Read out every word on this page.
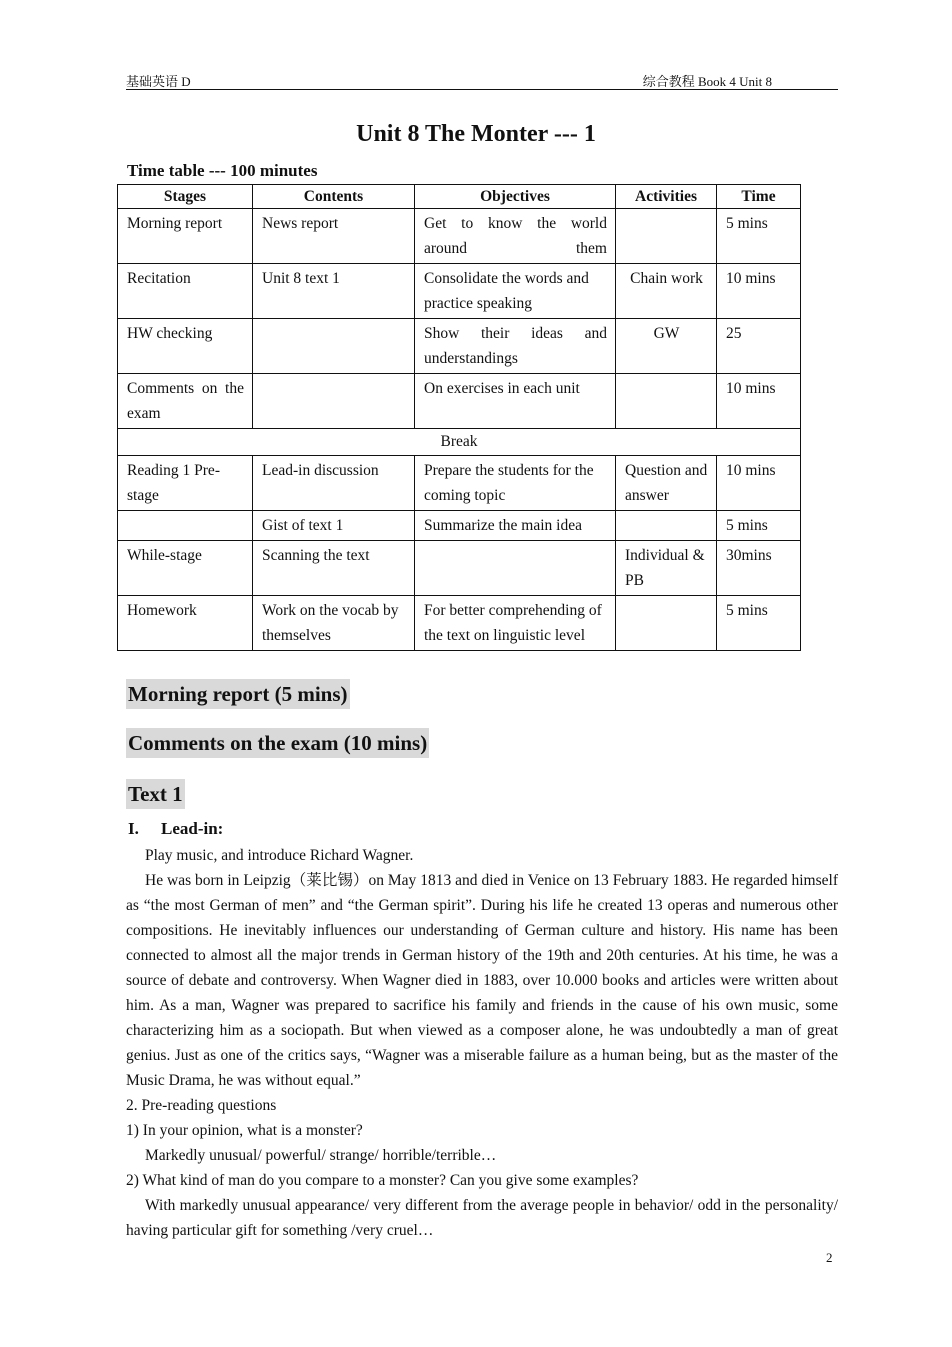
基础英语 D	综合教程 Book 4 Unit 8
Unit 8 The Monter --- 1
Time table --- 100 minutes
Stages	Contents	Objectives	Activities	Time
Morning report	News report	Get to know the world around them		5 mins
Recitation	Unit 8 text 1	Consolidate the words and practice speaking	Chain work	10 mins
HW checking		Show their ideas and understandings	GW	25
Comments on the exam		On exercises in each unit		10 mins
Break				
Reading 1 Pre-stage	Lead-in discussion	Prepare the students for the coming topic	Question and answer	10 mins
	Gist of text 1	Summarize the main idea		5 mins
While-stage	Scanning the text		Individual & PB	30mins
Homework	Work on the vocab by themselves	For better comprehending of the text on linguistic level		5 mins
Morning report (5 mins)
Comments on the exam (10 mins)
Text 1
I. Lead-in:

Play music, and introduce Richard Wagner.

He was born in Leipzig（莱比锡）on May 1813 and died in Venice on 13 February 1883. He regarded himself as “the most German of men” and “the German spirit”. During his life he created 13 operas and numerous other compositions. He inevitably influences our understanding of German culture and history. His name has been connected to almost all the major trends in German history of the 19th and 20th centuries. At his time, he was a source of debate and controversy. When Wagner died in 1883, over 10.000 books and articles were written about him. As a man, Wagner was prepared to sacrifice his family and friends in the cause of his own music, some characterizing him as a sociopath. But when viewed as a composer alone, he was undoubtedly a man of great genius. Just as one of the critics says, “Wagner was a miserable failure as a human being, but as the master of the Music Drama, he was without equal.”

2. Pre-reading questions

1) In your opinion, what is a monster?

Markedly unusual/ powerful/ strange/ horrible/terrible…

2) What kind of man do you compare to a monster? Can you give some examples?

With markedly unusual appearance/ very different from the average people in behavior/ odd in the personality/ having particular gift for something /very cruel…

2
